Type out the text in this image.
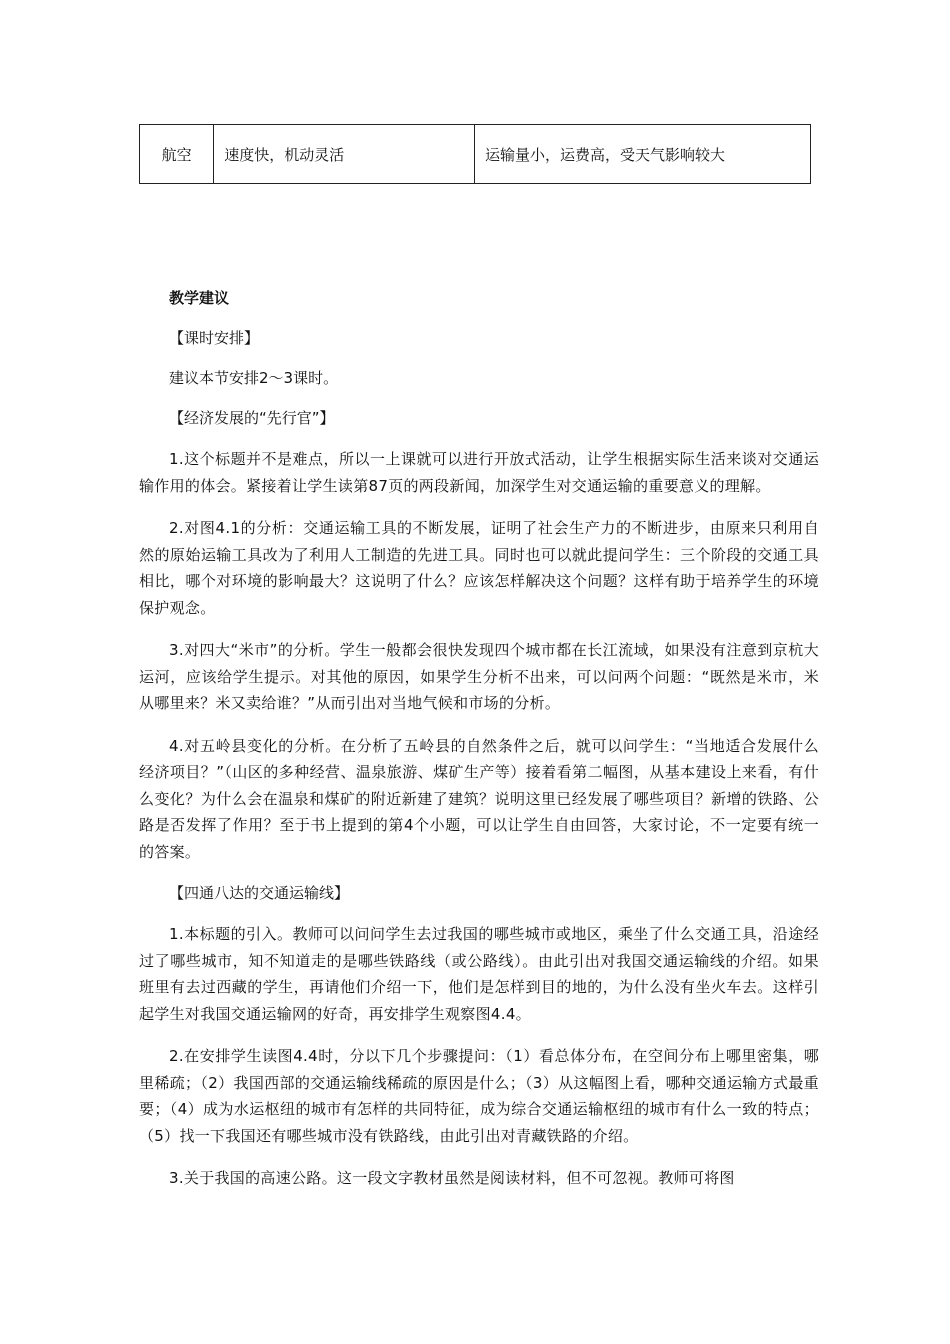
航空	速度快，机动灵活	运输量小，运费高，受天气影响较大
教学建议
【课时安排】
建议本节安排2～3课时。
【经济发展的“先行官”】
1.这个标题并不是难点，所以一上课就可以进行开放式活动，让学生根据实际生活来谈对交通运输作用的体会。紧接着让学生读第87页的两段新闻，加深学生对交通运输的重要意义的理解。
2.对图4.1的分析：交通运输工具的不断发展，证明了社会生产力的不断进步，由原来只利用自然的原始运输工具改为了利用人工制造的先进工具。同时也可以就此提问学生：三个阶段的交通工具相比，哪个对环境的影响最大？这说明了什么？应该怎样解决这个问题？这样有助于培养学生的环境保护观念。
3.对四大“米市”的分析。学生一般都会很快发现四个城市都在长江流域，如果没有注意到京杭大运河，应该给学生提示。对其他的原因，如果学生分析不出来，可以问两个问题：“既然是米市，米从哪里来？米又卖给谁？”从而引出对当地气候和市场的分析。
4.对五岭县变化的分析。在分析了五岭县的自然条件之后，就可以问学生：“当地适合发展什么经济项目？”（山区的多种经营、温泉旅游、煤矿生产等）接着看第二幅图，从基本建设上来看，有什么变化？为什么会在温泉和煤矿的附近新建了建筑？说明这里已经发展了哪些项目？新增的铁路、公路是否发挥了作用？至于书上提到的第4个小题，可以让学生自由回答，大家讨论，不一定要有统一的答案。
【四通八达的交通运输线】
1.本标题的引入。教师可以问问学生去过我国的哪些城市或地区，乘坐了什么交通工具，沿途经过了哪些城市，知不知道走的是哪些铁路线（或公路线）。由此引出对我国交通运输线的介绍。如果班里有去过西藏的学生，再请他们介绍一下，他们是怎样到目的地的，为什么没有坐火车去。这样引起学生对我国交通运输网的好奇，再安排学生观察图4.4。
2.在安排学生读图4.4时，分以下几个步骤提问：（1）看总体分布，在空间分布上哪里密集，哪里稀疏；（2）我国西部的交通运输线稀疏的原因是什么；（3）从这幅图上看，哪种交通运输方式最重要；（4）成为水运枢纽的城市有怎样的共同特征，成为综合交通运输枢纽的城市有什么一致的特点；（5）找一下我国还有哪些城市没有铁路线，由此引出对青藏铁路的介绍。
3.关于我国的高速公路。这一段文字教材虽然是阅读材料，但不可忽视。教师可将图
